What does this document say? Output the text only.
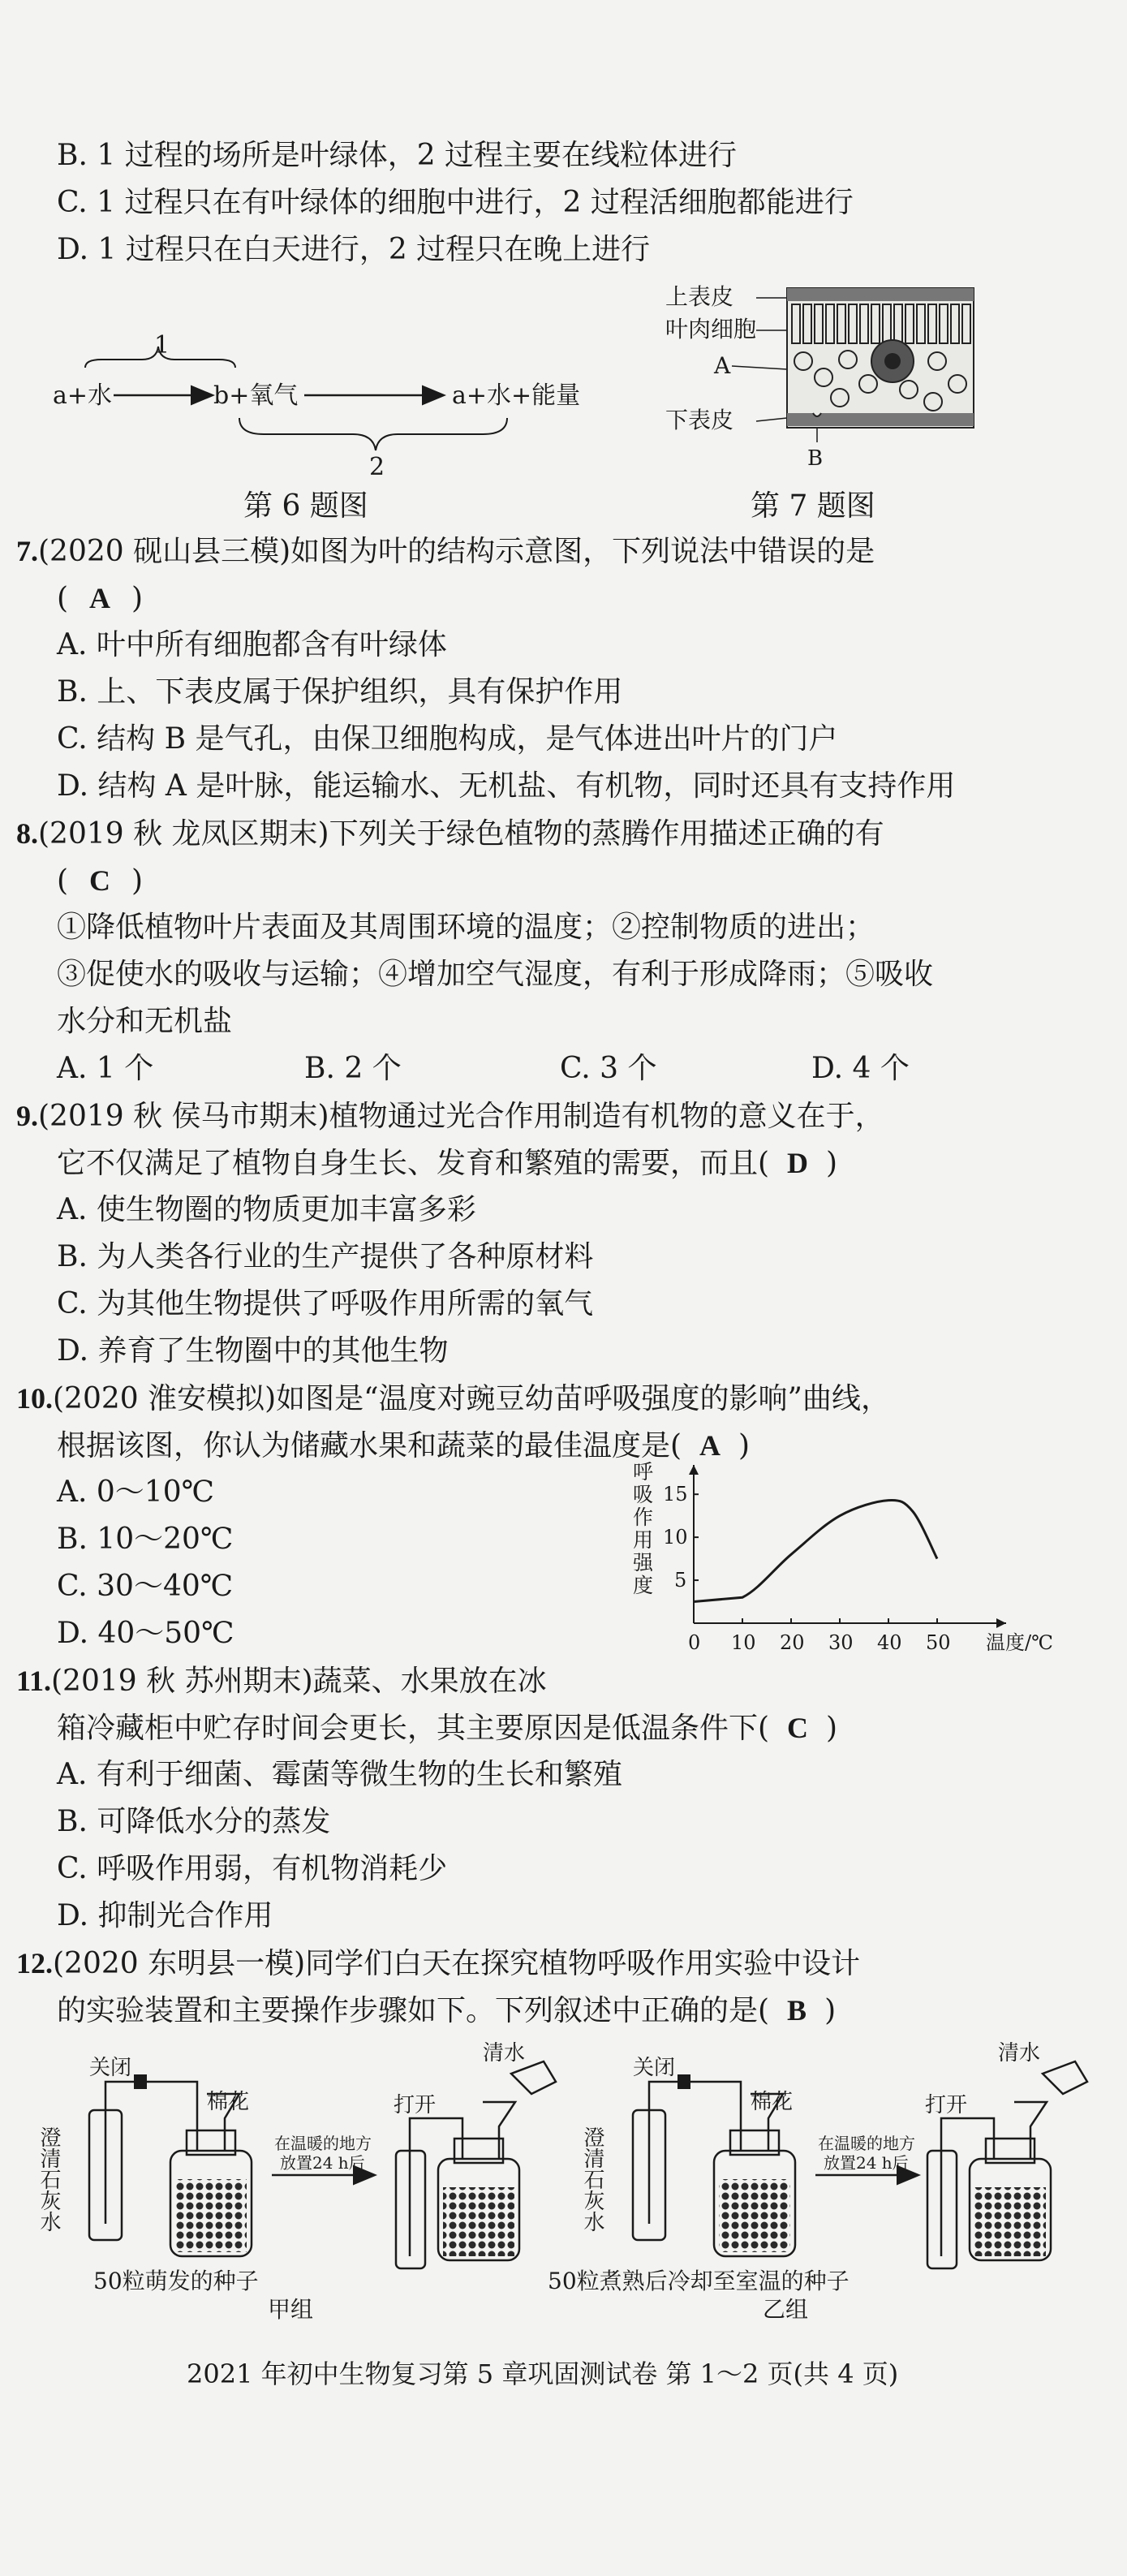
B. 1 过程的场所是叶绿体，2 过程主要在线粒体进行
C. 1 过程只在有叶绿体的细胞中进行，2 过程活细胞都能进行
D. 1 过程只在白天进行，2 过程只在晚上进行
1
a+水	b+氧气	a+水+能量
2
第 6 题图
上表皮
叶肉细胞
A
下表皮
B
第 7 题图
7.(2020 砚山县三模)如图为叶的结构示意图，下列说法中错误的是
( A )
A. 叶中所有细胞都含有叶绿体
B. 上、下表皮属于保护组织，具有保护作用
C. 结构 B 是气孔，由保卫细胞构成，是气体进出叶片的门户
D. 结构 A 是叶脉，能运输水、无机盐、有机物，同时还具有支持作用
8.(2019 秋 龙凤区期末)下列关于绿色植物的蒸腾作用描述正确的有
( C )
①降低植物叶片表面及其周围环境的温度；②控制物质的进出；
③促使水的吸收与运输；④增加空气湿度，有利于形成降雨；⑤吸收
水分和无机盐
A. 1 个	B. 2 个	C. 3 个	D. 4 个
9.(2019 秋 侯马市期末)植物通过光合作用制造有机物的意义在于，
它不仅满足了植物自身生长、发育和繁殖的需要，而且( D )
A. 使生物圈的物质更加丰富多彩
B. 为人类各行业的生产提供了各种原材料
C. 为其他生物提供了呼吸作用所需的氧气
D. 养育了生物圈中的其他生物
10.(2020 淮安模拟)如图是“温度对豌豆幼苗呼吸强度的影响”曲线，
根据该图，你认为储藏水果和蔬菜的最佳温度是( A )
A. 0～10℃
B. 10～20℃
C. 30～40℃
D. 40～50℃
呼吸作用强度
0 10 20 30 40 50
5
10
15
温度/℃
11.(2019 秋 苏州期末)蔬菜、水果放在冰
箱冷藏柜中贮存时间会更长，其主要原因是低温条件下( C )
A. 有利于细菌、霉菌等微生物的生长和繁殖
B. 可降低水分的蒸发
C. 呼吸作用弱，有机物消耗少
D. 抑制光合作用
12.(2020 东明县一模)同学们白天在探究植物呼吸作用实验中设计
的实验装置和主要操作步骤如下。下列叙述中正确的是( B )
关闭
棉花
澄清石灰水	在温暖的地方
放置24 h后
清水
打开
关闭
棉花
澄清石灰水	在温暖的地方
放置24 h后
清水
打开
50粒萌发的种子
甲组
50粒煮熟后冷却至室温的种子
乙组
2021 年初中生物复习第 5 章巩固测试卷 第 1～2 页(共 4 页)
